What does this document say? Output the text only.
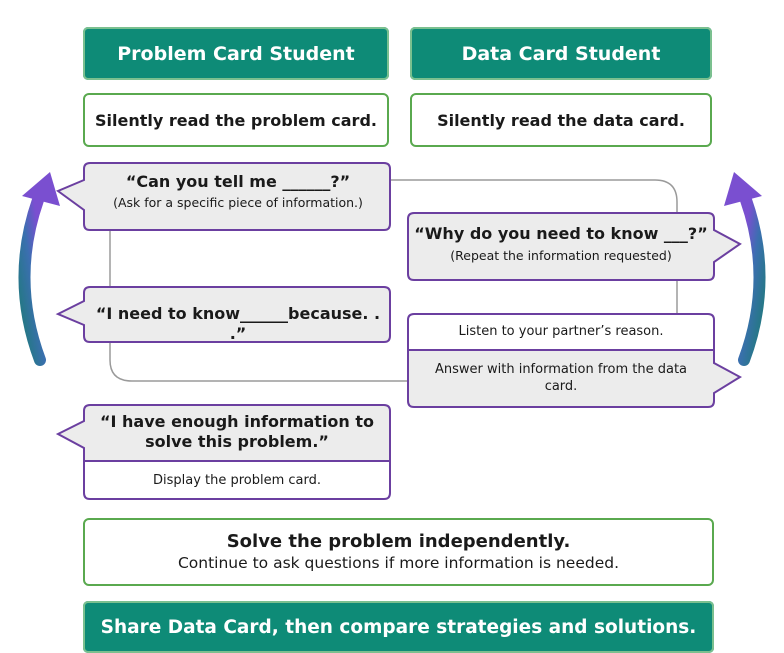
Problem Card Student	Data Card Student
Silently read the problem card.	Silently read the data card.
“Can you tell me ______?”
(Ask for a specific piece of information.)
“Why do you need to know ___?”
(Repeat the information requested)
“I need to know______because. . .”	Listen to your partner’s reason.
Answer with information from the data card.
“I have enough information to solve this problem.”
Display the problem card.
Solve the problem independently.
Continue to ask questions if more information is needed.
Share Data Card, then compare strategies and solutions.
